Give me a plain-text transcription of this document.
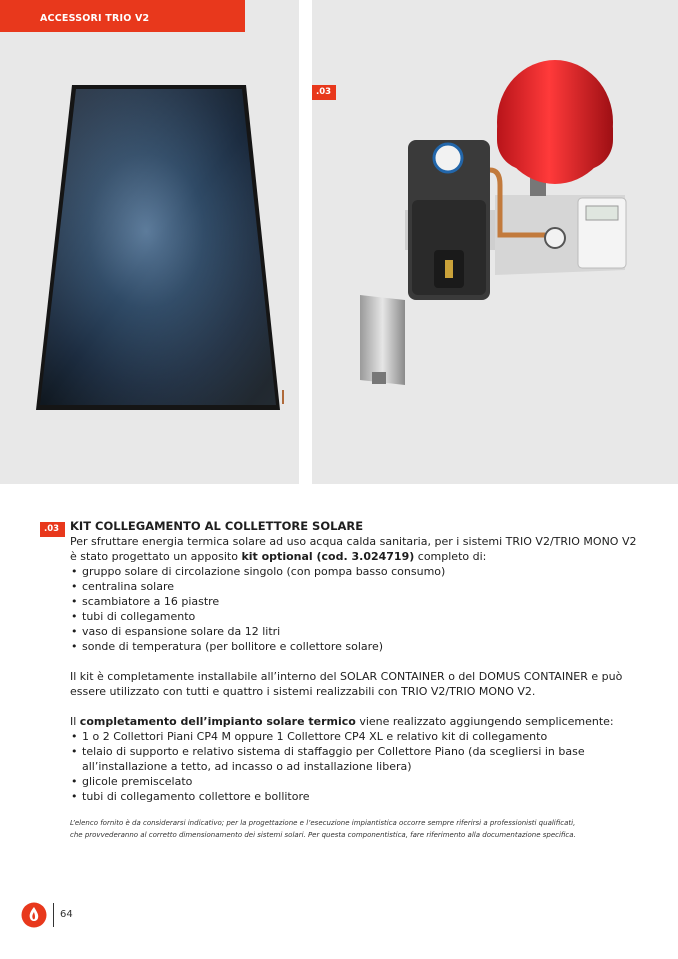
ACCESSORI TRIO V2
.03
.03 KIT COLLEGAMENTO AL COLLETTORE SOLARE

Per sfruttare energia termica solare ad uso acqua calda sanitaria, per i sistemi TRIO V2/TRIO MONO V2

è stato progettato un apposito kit optional (cod. 3.024719) completo di:

• gruppo solare di circolazione singolo (con pompa basso consumo)
• centralina solare
• scambiatore a 16 piastre
• tubi di collegamento
• vaso di espansione solare da 12 litri
• sonde di temperatura (per bollitore e collettore solare)

Il kit è completamente installabile all’interno del SOLAR CONTAINER o del DOMUS CONTAINER e può

essere utilizzato con tutti e quattro i sistemi realizzabili con TRIO V2/TRIO MONO V2.

Il completamento dell’impianto solare termico viene realizzato aggiungendo semplicemente:

• 1 o 2 Collettori Piani CP4 M oppure 1 Collettore CP4 XL e relativo kit di collegamento
• telaio di supporto e relativo sistema di staffaggio per Collettore Piano (da scegliersi in base all’installazione a tetto, ad incasso o ad installazione libera)
• glicole premiscelato
• tubi di collegamento collettore e bollitore
L’elenco fornito è da considerarsi indicativo; per la progettazione e l’esecuzione impiantistica occorre sempre riferirsi a professionisti qualificati,
che provvederanno al corretto dimensionamento dei sistemi solari. Per questa componentistica, fare riferimento alla documentazione specifica.
64
